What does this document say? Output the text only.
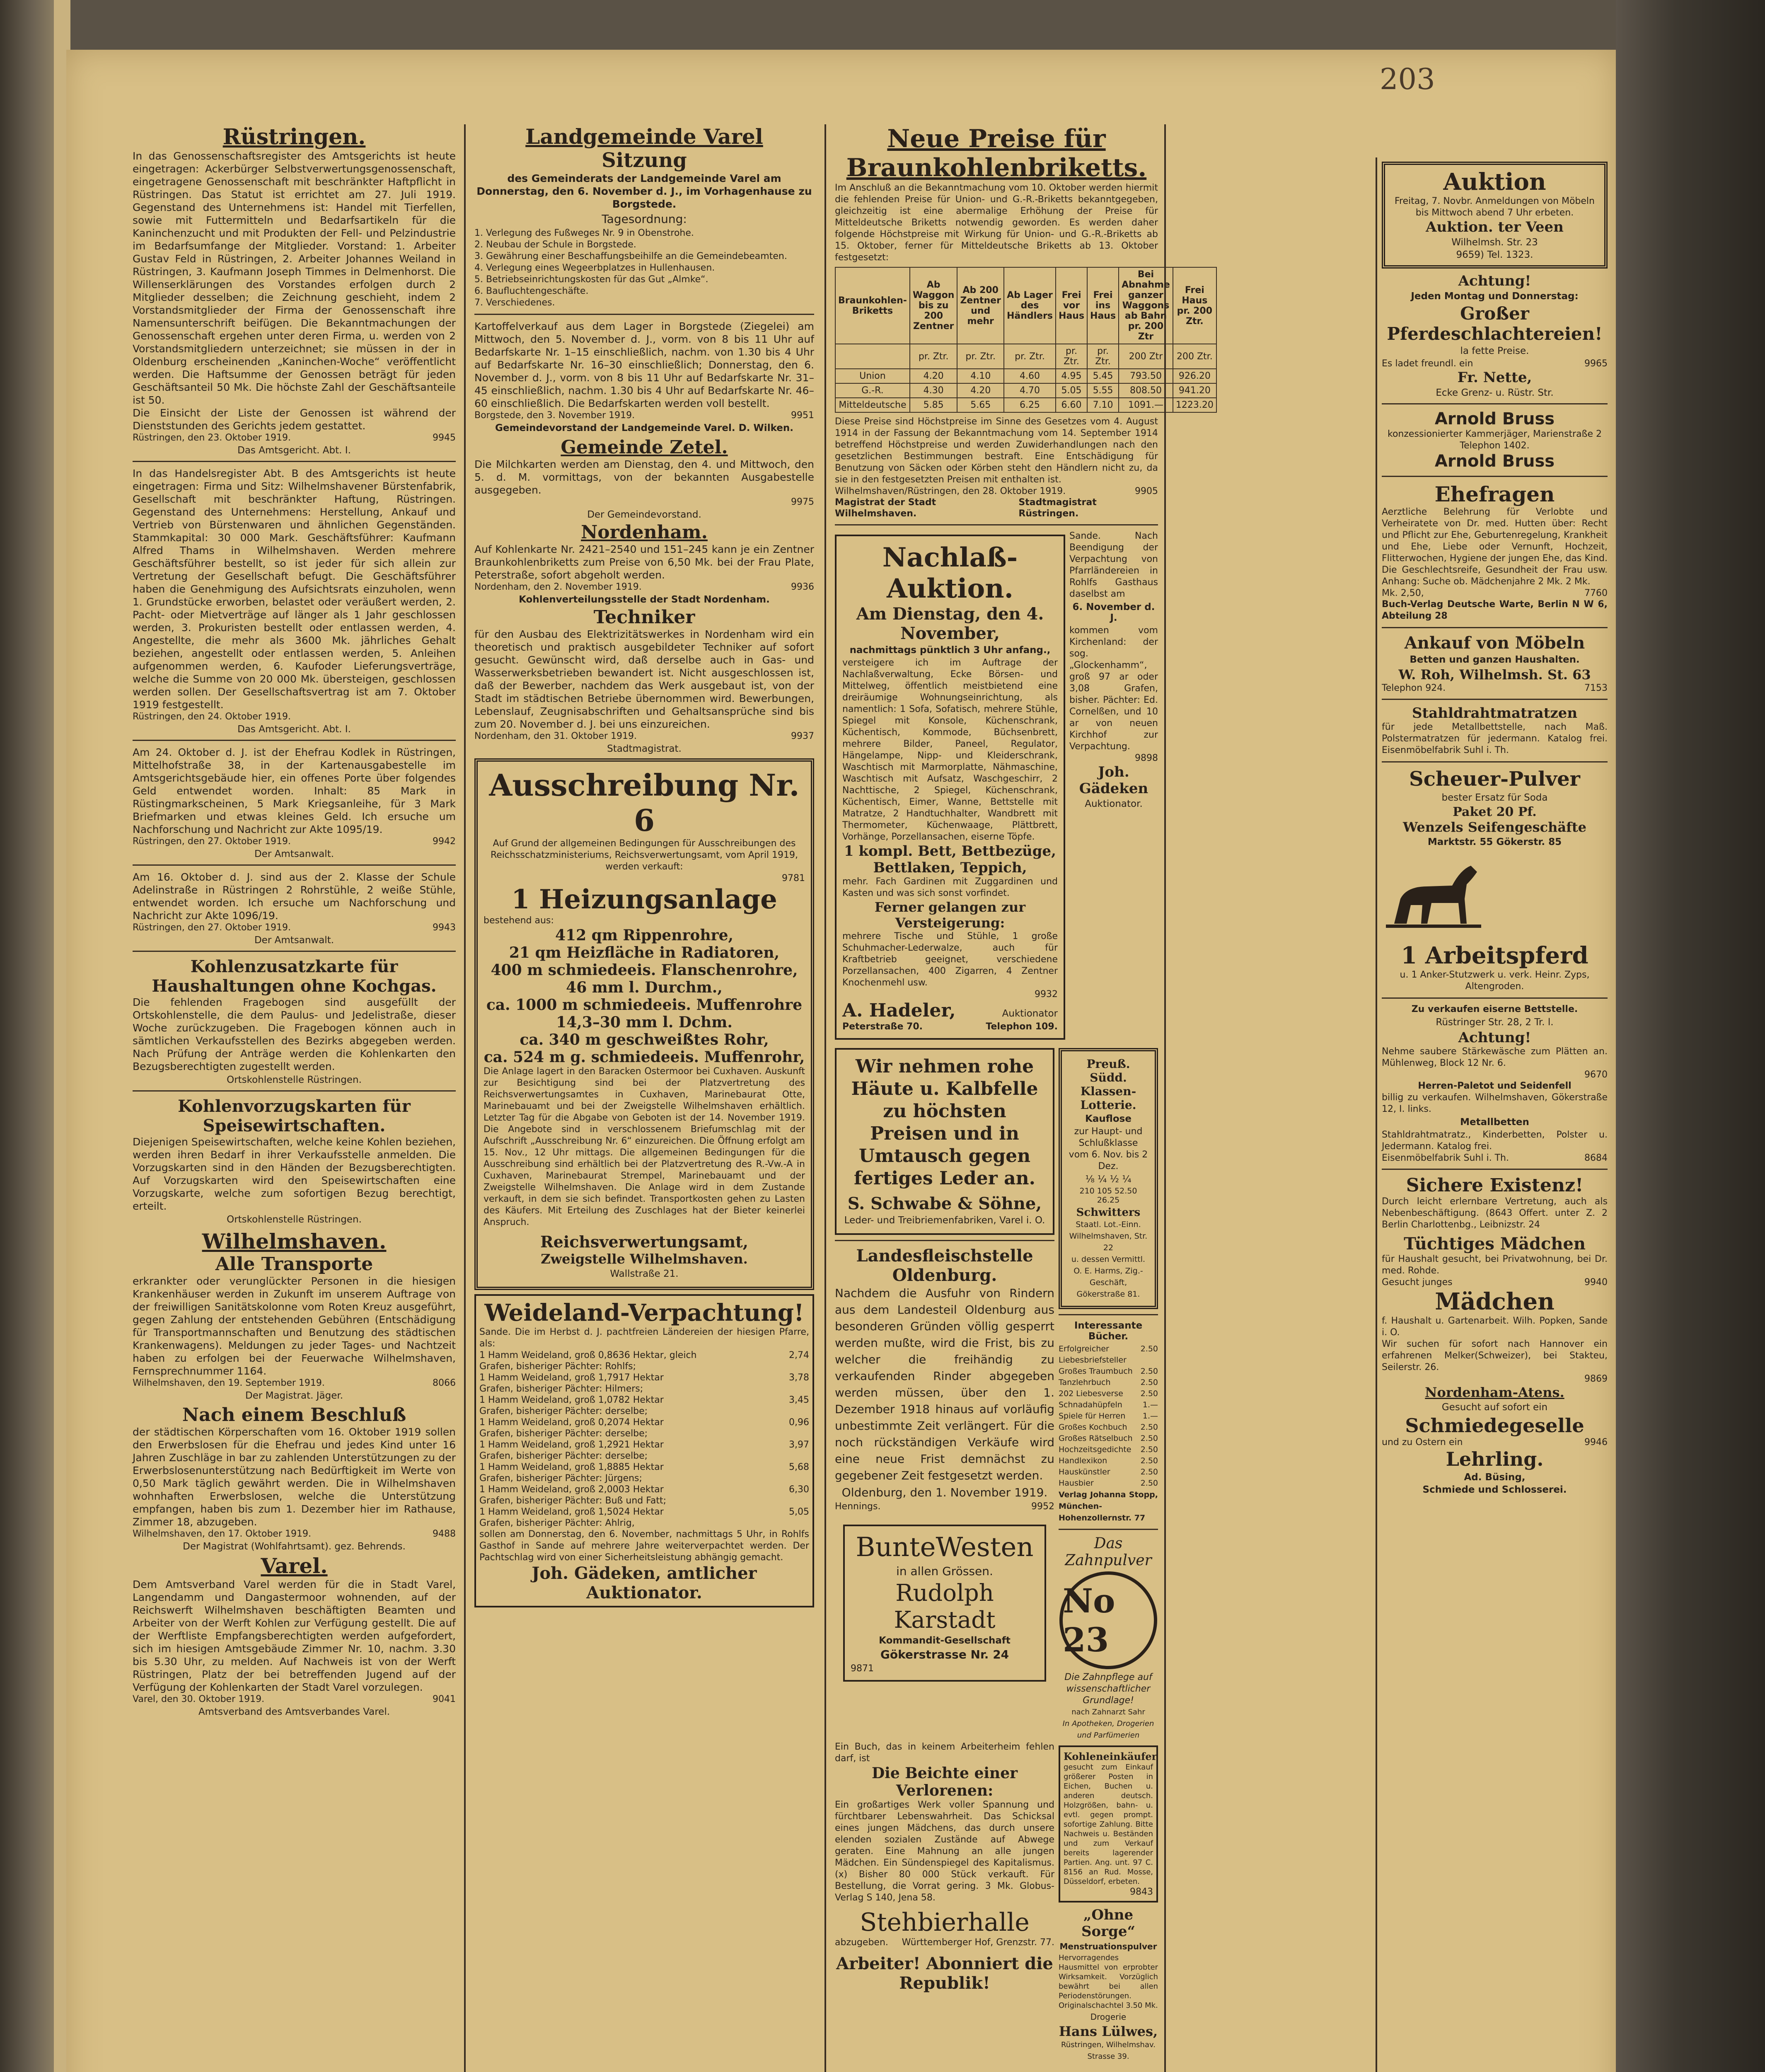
203
Rüstringen.
In das Genossenschaftsregister des Amtsgerichts ist heute eingetragen: Ackerbürger Selbstverwertungsgenossenschaft, eingetragene Genossenschaft mit beschränkter Haftpflicht in Rüstringen. Das Statut ist errichtet am 27. Juli 1919. Gegenstand des Unternehmens ist: Handel mit Tierfellen, sowie mit Futtermitteln und Bedarfsartikeln für die Kaninchenzucht und mit Produkten der Fell- und Pelzindustrie im Bedarfsumfange der Mitglieder. Vorstand: 1. Arbeiter Gustav Feld in Rüstringen, 2. Arbeiter Johannes Weiland in Rüstringen, 3. Kaufmann Joseph Timmes in Delmenhorst. Die Willenserklärungen des Vorstandes erfolgen durch 2 Mitglieder desselben; die Zeichnung geschieht, indem 2 Vorstandsmitglieder der Firma der Genossenschaft ihre Namensunterschrift beifügen. Die Bekanntmachungen der Genossenschaft ergehen unter deren Firma, u. werden von 2 Vorstandsmitgliedern unterzeichnet; sie müssen in der in Oldenburg erscheinenden „Kaninchen-Woche“ veröffentlicht werden. Die Haftsumme der Genossen beträgt für jeden Geschäftsanteil 50 Mk. Die höchste Zahl der Geschäftsanteile ist 50.
Die Einsicht der Liste der Genossen ist während der Dienststunden des Gerichts jedem gestattet.
Rüstringen, den 23. Oktober 1919.	9945
Das Amtsgericht. Abt. I.
In das Handelsregister Abt. B des Amtsgerichts ist heute eingetragen: Firma und Sitz: Wilhelmshavener Bürstenfabrik, Gesellschaft mit beschränkter Haftung, Rüstringen. Gegenstand des Unternehmens: Herstellung, Ankauf und Vertrieb von Bürstenwaren und ähnlichen Gegenständen. Stammkapital: 30 000 Mark. Geschäftsführer: Kaufmann Alfred Thams in Wilhelmshaven. Werden mehrere Geschäftsführer bestellt, so ist jeder für sich allein zur Vertretung der Gesellschaft befugt. Die Geschäftsführer haben die Genehmigung des Aufsichtsrats einzuholen, wenn 1. Grundstücke erworben, belastet oder veräußert werden, 2. Pacht- oder Mietverträge auf länger als 1 Jahr geschlossen werden, 3. Prokuristen bestellt oder entlassen werden, 4. Angestellte, die mehr als 3600 Mk. jährliches Gehalt beziehen, angestellt oder entlassen werden, 5. Anleihen aufgenommen werden, 6. Kaufoder Lieferungsverträge, welche die Summe von 20 000 Mk. übersteigen, geschlossen werden sollen. Der Gesellschaftsvertrag ist am 7. Oktober 1919 festgestellt.
Rüstringen, den 24. Oktober 1919.
Das Amtsgericht. Abt. I.
Am 24. Oktober d. J. ist der Ehefrau Kodlek in Rüstringen, Mittelhofstraße 38, in der Kartenausgabestelle im Amtsgerichtsgebäude hier, ein offenes Porte über folgendes Geld entwendet worden. Inhalt: 85 Mark in Rüstingmarkscheinen, 5 Mark Kriegsanleihe, für 3 Mark Briefmarken und etwas kleines Geld. Ich ersuche um Nachforschung und Nachricht zur Akte 1095/19.
Rüstringen, den 27. Oktober 1919.	9942
Der Amtsanwalt.
Am 16. Oktober d. J. sind aus der 2. Klasse der Schule Adelinstraße in Rüstringen 2 Rohrstühle, 2 weiße Stühle, entwendet worden. Ich ersuche um Nachforschung und Nachricht zur Akte 1096/19.
Rüstringen, den 27. Oktober 1919.	9943
Der Amtsanwalt.
Kohlenzusatzkarte für Haushaltungen ohne Kochgas.
Die fehlenden Fragebogen sind ausgefüllt der Ortskohlenstelle, die dem Paulus- und Jedelistraße, dieser Woche zurückzugeben. Die Fragebogen können auch in sämtlichen Verkaufsstellen des Bezirks abgegeben werden. Nach Prüfung der Anträge werden die Kohlenkarten den Bezugsberechtigten zugestellt werden.
Ortskohlenstelle Rüstringen.
Kohlenvorzugskarten für Speisewirtschaften.
Diejenigen Speisewirtschaften, welche keine Kohlen beziehen, werden ihren Bedarf in ihrer Verkaufsstelle anmelden. Die Vorzugskarten sind in den Händen der Bezugsberechtigten. Auf Vorzugskarten wird den Speisewirtschaften eine Vorzugskarte, welche zum sofortigen Bezug berechtigt, erteilt.
Ortskohlenstelle Rüstringen.
Wilhelmshaven.
Alle Transporte
erkrankter oder verunglückter Personen in die hiesigen Krankenhäuser werden in Zukunft im unserem Auftrage von der freiwilligen Sanitätskolonne vom Roten Kreuz ausgeführt, gegen Zahlung der entstehenden Gebühren (Entschädigung für Transportmannschaften und Benutzung des städtischen Krankenwagens). Meldungen zu jeder Tages- und Nachtzeit haben zu erfolgen bei der Feuerwache Wilhelmshaven, Fernsprechnummer 1164.
Wilhelmshaven, den 19. September 1919.	8066
Der Magistrat. Jäger.
Nach einem Beschluß
der städtischen Körperschaften vom 16. Oktober 1919 sollen den Erwerbslosen für die Ehefrau und jedes Kind unter 16 Jahren Zuschläge in bar zu zahlenden Unterstützungen zu der Erwerbslosenunterstützung nach Bedürftigkeit im Werte von 0,50 Mark täglich gewährt werden. Die in Wilhelmshaven wohnhaften Erwerbslosen, welche die Unterstützung empfangen, haben bis zum 1. Dezember hier im Rathause, Zimmer 18, abzugeben.
Wilhelmshaven, den 17. Oktober 1919.	9488
Der Magistrat (Wohlfahrtsamt). gez. Behrends.
Varel.
Dem Amtsverband Varel werden für die in Stadt Varel, Langendamm und Dangastermoor wohnenden, auf der Reichswerft Wilhelmshaven beschäftigten Beamten und Arbeiter von der Werft Kohlen zur Verfügung gestellt. Die auf der Werftliste Empfangsberechtigten werden aufgefordert, sich im hiesigen Amtsgebäude Zimmer Nr. 10, nachm. 3.30 bis 5.30 Uhr, zu melden. Auf Nachweis ist von der Werft Rüstringen, Platz der bei betreffenden Jugend auf der Verfügung der Kohlenkarten der Stadt Varel vorzulegen.
Varel, den 30. Oktober 1919.	9041
Amtsverband des Amtsverbandes Varel.
Landgemeinde Varel
Sitzung
des Gemeinderats der Landgemeinde Varel am Donnerstag, den 6. November d. J., im Vorhagenhause zu Borgstede.
Tagesordnung:
1. Verlegung des Fußweges Nr. 9 in Obenstrohe.
2. Neubau der Schule in Borgstede.
3. Gewährung einer Beschaffungsbeihilfe an die Gemeindebeamten.
4. Verlegung eines Wegeerbplatzes in Hullenhausen.
5. Betriebseinrichtungskosten für das Gut „Almke“.
6. Baufluchtengeschäfte.
7. Verschiedenes.
Kartoffelverkauf aus dem Lager in Borgstede (Ziegelei) am Mittwoch, den 5. November d. J., vorm. von 8 bis 11 Uhr auf Bedarfskarte Nr. 1–15 einschließlich, nachm. von 1.30 bis 4 Uhr auf Bedarfskarte Nr. 16–30 einschließlich; Donnerstag, den 6. November d. J., vorm. von 8 bis 11 Uhr auf Bedarfskarte Nr. 31–45 einschließlich, nachm. 1.30 bis 4 Uhr auf Bedarfskarte Nr. 46–60 einschließlich. Die Bedarfskarten werden voll bestellt.
Borgstede, den 3. November 1919.	9951
Gemeindevorstand der Landgemeinde Varel. D. Wilken.
Gemeinde Zetel.
Die Milchkarten werden am Dienstag, den 4. und Mittwoch, den 5. d. M. vormittags, von der bekannten Ausgabestelle ausgegeben.
9975
Der Gemeindevorstand.
Nordenham.
Auf Kohlenkarte Nr. 2421–2540 und 151–245 kann je ein Zentner Braunkohlenbriketts zum Preise von 6,50 Mk. bei der Frau Plate, Peterstraße, sofort abgeholt werden.
Nordenham, den 2. November 1919.	9936
Kohlenverteilungsstelle der Stadt Nordenham.
Techniker
für den Ausbau des Elektrizitätswerkes in Nordenham wird ein theoretisch und praktisch ausgebildeter Techniker auf sofort gesucht. Gewünscht wird, daß derselbe auch in Gas- und Wasserwerksbetrieben bewandert ist. Nicht ausgeschlossen ist, daß der Bewerber, nachdem das Werk ausgebaut ist, von der Stadt im städtischen Betriebe übernommen wird. Bewerbungen, Lebenslauf, Zeugnisabschriften und Gehaltsansprüche sind bis zum 20. November d. J. bei uns einzureichen.
Nordenham, den 31. Oktober 1919.	9937
Stadtmagistrat.
Ausschreibung Nr. 6
Auf Grund der allgemeinen Bedingungen für Ausschreibungen des Reichsschatzministeriums, Reichsverwertungsamt, vom April 1919, werden verkauft:
9781
1 Heizungsanlage
bestehend aus:
412 qm Rippenrohre,
21 qm Heizfläche in Radiatoren,
400 m schmiedeeis. Flanschenrohre, 46 mm l. Durchm.,
ca. 1000 m schmiedeeis. Muffenrohre 14,3–30 mm l. Dchm.
ca. 340 m geschweißtes Rohr,
ca. 524 m g. schmiedeeis. Muffenrohr,
Die Anlage lagert in den Baracken Ostermoor bei Cuxhaven. Auskunft zur Besichtigung sind bei der Platzvertretung des Reichsverwertungsamtes in Cuxhaven, Marinebaurat Otte, Marinebauamt und bei der Zweigstelle Wilhelmshaven erhältlich. Letzter Tag für die Abgabe von Geboten ist der 14. November 1919. Die Angebote sind in verschlossenem Briefumschlag mit der Aufschrift „Ausschreibung Nr. 6“ einzureichen. Die Öffnung erfolgt am 15. Nov., 12 Uhr mittags. Die allgemeinen Bedingungen für die Ausschreibung sind erhältlich bei der Platzvertretung des R.-Vw.-A in Cuxhaven, Marinebaurat Strempel, Marinebauamt und der Zweigstelle Wilhelmshaven. Die Anlage wird in dem Zustande verkauft, in dem sie sich befindet. Transportkosten gehen zu Lasten des Käufers. Mit Erteilung des Zuschlages hat der Bieter keinerlei Anspruch.
Reichsverwertungsamt,
Zweigstelle Wilhelmshaven.
Wallstraße 21.
Weideland-Verpachtung!
Sande. Die im Herbst d. J. pachtfreien Ländereien der hiesigen Pfarre, als:
1 Hamm Weideland, groß 0,8636 Hektar, gleich	2,74
Grafen, bisheriger Pächter: Rohlfs;
1 Hamm Weideland, groß 1,7917 Hektar	3,78
Grafen, bisheriger Pächter: Hilmers;
1 Hamm Weideland, groß 1,0782 Hektar	3,45
Grafen, bisheriger Pächter: derselbe;
1 Hamm Weideland, groß 0,2074 Hektar	0,96
Grafen, bisheriger Pächter: derselbe;
1 Hamm Weideland, groß 1,2921 Hektar	3,97
Grafen, bisheriger Pächter: derselbe;
1 Hamm Weideland, groß 1,8885 Hektar	5,68
Grafen, bisheriger Pächter: Jürgens;
1 Hamm Weideland, groß 2,0003 Hektar	6,30
Grafen, bisheriger Pächter: Buß und Fatt;
1 Hamm Weideland, groß 1,5024 Hektar	5,05
Grafen, bisheriger Pächter: Ahlrig,
sollen am Donnerstag, den 6. November, nachmittags 5 Uhr, in Rohlfs Gasthof in Sande auf mehrere Jahre weiterverpachtet werden. Der Pachtschlag wird von einer Sicherheitsleistung abhängig gemacht.
Joh. Gädeken, amtlicher Auktionator.
Neue Preise für Braunkohlenbriketts.
Im Anschluß an die Bekanntmachung vom 10. Oktober werden hiermit die fehlenden Preise für Union- und G.-R.-Briketts bekanntgegeben, gleichzeitig ist eine abermalige Erhöhung der Preise für Mitteldeutsche Briketts notwendig geworden. Es werden daher folgende Höchstpreise mit Wirkung für Union- und G.-R.-Briketts ab 15. Oktober, ferner für Mitteldeutsche Briketts ab 13. Oktober festgesetzt:
Braunkohlen-Briketts	Ab Waggon bis zu 200 Zentner	Ab 200 Zentner und mehr	Ab Lager des Händlers	Frei vor Haus	Frei ins Haus	Bei Abnahme ganzer Waggons ab Bahn pr. 200 Ztr	Frei Haus pr. 200 Ztr.
	pr. Ztr.	pr. Ztr.	pr. Ztr.	pr. Ztr.	pr. Ztr.	200 Ztr	200 Ztr.
Union	4.20	4.10	4.60	4.95	5.45	793.50	926.20
G.-R.	4.30	4.20	4.70	5.05	5.55	808.50	941.20
Mitteldeutsche	5.85	5.65	6.25	6.60	7.10	1091.—	1223.20
Diese Preise sind Höchstpreise im Sinne des Gesetzes vom 4. August 1914 in der Fassung der Bekanntmachung vom 14. September 1914 betreffend Höchstpreise und werden Zuwiderhandlungen nach den gesetzlichen Bestimmungen bestraft. Eine Entschädigung für Benutzung von Säcken oder Körben steht den Händlern nicht zu, da sie in den festgesetzten Preisen mit enthalten ist.
Wilhelmshaven/Rüstringen, den 28. Oktober 1919.	9905
Magistrat der Stadt Wilhelmshaven.
Stadtmagistrat Rüstringen.
Nachlaß-Auktion.
Am Dienstag, den 4. November,
nachmittags pünktlich 3 Uhr anfang.,
versteigere ich im Auftrage der Nachlaßverwaltung, Ecke Börsen- und Mittelweg, öffentlich meistbietend eine dreiräumige Wohnungseinrichtung, als namentlich: 1 Sofa, Sofatisch, mehrere Stühle, Spiegel mit Konsole, Küchenschrank, Küchentisch, Kommode, Büchsenbrett, mehrere Bilder, Paneel, Regulator, Hängelampe, Nipp- und Kleiderschrank, Waschtisch mit Marmorplatte, Nähmaschine, Waschtisch mit Aufsatz, Waschgeschirr, 2 Nachttische, 2 Spiegel, Küchenschrank, Küchentisch, Eimer, Wanne, Bettstelle mit Matratze, 2 Handtuchhalter, Wandbrett mit Thermometer, Küchenwaage, Plättbrett, Vorhänge, Porzellansachen, eiserne Töpfe.
1 kompl. Bett, Bettbezüge, Bettlaken, Teppich,
mehr. Fach Gardinen mit Zuggardinen und Kasten und was sich sonst vorfindet.
Ferner gelangen zur Versteigerung:
mehrere Tische und Stühle, 1 große Schuhmacher-Lederwalze, auch für Kraftbetrieb geeignet, verschiedene Porzellansachen, 400 Zigarren, 4 Zentner Knochenmehl usw.
9932
A. Hadeler,	Auktionator
Peterstraße 70.	Telephon 109.
Sande. Nach Beendigung der Verpachtung von Pfarrländereien in Rohlfs Gasthaus daselbst am
6. November d. J.
kommen vom Kirchenland: der sog. „Glockenhamm“, groß 97 ar oder 3,08 Grafen, bisher. Pächter: Ed. Cornelßen, und 10 ar von neuen Kirchhof zur Verpachtung.
9898
Joh. Gädeken
Auktionator.
Wir nehmen rohe Häute u. Kalbfelle zu höchsten Preisen und in Umtausch gegen fertiges Leder an.
S. Schwabe & Söhne,
Leder- und Treibriemenfabriken, Varel i. O.
Landesfleischstelle Oldenburg.
Nachdem die Ausfuhr von Rindern aus dem Landesteil Oldenburg aus besonderen Gründen völlig gesperrt werden mußte, wird die Frist, bis zu welcher die freihändig zu verkaufenden Rinder abgegeben werden müssen, über den 1. Dezember 1918 hinaus auf vorläufig unbestimmte Zeit verlängert. Für die noch rückständigen Verkäufe wird eine neue Frist demnächst zu gegebener Zeit festgesetzt werden.
Oldenburg, den 1. November 1919.
Hennings.	9952
BunteWesten
in allen Grössen.
Rudolph Karstadt
Kommandit-Gesellschaft
Gökerstrasse Nr. 24
9871
Preuß. Südd.
Klassen-Lotterie.
Kauflose
zur Haupt- und Schlußklasse vom 6. Nov. bis 2 Dez.
⅛ ¼ ½ ¼
210 105 52.50 26.25
Schwitters
Staatl. Lot.-Einn. Wilhelmshaven, Str. 22
u. dessen Vermittl.
O. E. Harms, Zig.-Geschäft, Gökerstraße 81.
Interessante Bücher.
Erfolgreicher Liebesbriefsteller
2.50
Großes Traumbuch 2.50
Tanzlehrbuch	2.50
202 Liebesverse 2.50
Schnadahüpfeln	1.—
Spiele für Herren 1.—
Großes Kochbuch 2.50
Großes Rätselbuch 2.50
Hochzeitsgedichte 2.50
Handlexikon	2.50
Hauskünstler	2.50
Hausbier	2.50
Verlag Johanna Stopp, München-Hohenzollernstr. 77
Das Zahnpulver
No 23
Die Zahnpflege auf wissenschaftlicher Grundlage!
nach Zahnarzt Sahr
In Apotheken, Drogerien und Parfümerien
Ein Buch, das in keinem Arbeiterheim fehlen darf, ist
Die Beichte einer Verlorenen:
Ein großartiges Werk voller Spannung und fürchtbarer Lebenswahrheit. Das Schicksal eines jungen Mädchens, das durch unsere elenden sozialen Zustände auf Abwege geraten. Eine Mahnung an alle jungen Mädchen. Ein Sündenspiegel des Kapitalismus. (x) Bisher 80 000 Stück verkauft. Für Bestellung, die Vorrat gering. 3 Mk. Globus-Verlag S 140, Jena 58.
Stehbierhalle
abzugeben. Württemberger Hof, Grenzstr. 77.
Arbeiter! Abonniert die Republik!
Kohleneinkäufer
gesucht zum Einkauf größerer Posten in Eichen, Buchen u. anderen deutsch. Holzgrößen, bahn- u. evtl. gegen prompt. sofortige Zahlung. Bitte Nachweis u. Beständen und zum Verkauf bereits lagerender Partien. Ang. unt. 97 C. 8156 an Rud. Mosse, Düsseldorf, erbeten.
9843
„Ohne Sorge“
Menstruationspulver
Hervorragendes Hausmittel von erprobter Wirksamkeit. Vorzüglich bewährt bei allen Periodenstörungen. Originalschachtel 3.50 Mk.
Drogerie
Hans Lülwes,
Rüstringen, Wilhelmshav. Strasse 39.
Auktion
Freitag, 7. Novbr. Anmeldungen von Möbeln bis Mittwoch abend 7 Uhr erbeten.
Auktion. ter Veen
Wilhelmsh. Str. 23
9659) Tel. 1323.
Achtung!
Jeden Montag und Donnerstag:
Großer Pferdeschlachtereien!
la fette Preise.
Es ladet freundl. ein	9965
Fr. Nette,
Ecke Grenz- u. Rüstr. Str.
Arnold Bruss
konzessionierter Kammerjäger, Marienstraße 2 Telephon 1402.
Arnold Bruss
Ehefragen
Aerztliche Belehrung für Verlobte und Verheiratete von Dr. med. Hutten über: Recht und Pflicht zur Ehe, Geburtenregelung, Krankheit und Ehe, Liebe oder Vernunft, Hochzeit, Flitterwochen, Hygiene der jungen Ehe, das Kind. Die Geschlechtsreife, Gesundheit der Frau usw. Anhang: Suche ob. Mädchenjahre 2 Mk. 2 Mk.
Mk. 2,50,	7760
Buch-Verlag Deutsche Warte, Berlin N W 6, Abteilung 28
Ankauf von Möbeln
Betten und ganzen Haushalten.
W. Roh, Wilhelmsh. St. 63
Telephon 924.	7153
Stahldrahtmatratzen
für jede Metallbettstelle, nach Maß. Polstermatratzen für jedermann. Katalog frei. Eisenmöbelfabrik Suhl i. Th.
Scheuer-Pulver
bester Ersatz für Soda
Paket 20 Pf.
Wenzels Seifengeschäfte
Marktstr. 55 Gökerstr. 85
1 Arbeitspferd
u. 1 Anker-Stutzwerk u. verk. Heinr. Zyps, Altengroden.
Zu verkaufen eiserne Bettstelle.
Rüstringer Str. 28, 2 Tr. l.
Achtung!
Nehme saubere Stärkewäsche zum Plätten an. Mühlenweg, Block 12 Nr. 6.
9670
Herren-Paletot und Seidenfell
billig zu verkaufen. Wilhelmshaven, Gökerstraße 12, I. links.
Metallbetten
Stahldrahtmatratz., Kinderbetten, Polster u. Jedermann. Katalog frei.
Eisenmöbelfabrik Suhl i. Th.	8684
Sichere Existenz!
Durch leicht erlernbare Vertretung, auch als Nebenbeschäftigung. (8643 Offert. unter Z. 2 Berlin Charlottenbg., Leibnizstr. 24
Tüchtiges Mädchen
für Haushalt gesucht, bei Privatwohnung, bei Dr. med. Rohde.
Gesucht junges	9940
Mädchen
f. Haushalt u. Gartenarbeit. Wilh. Popken, Sande i. O.
Wir suchen für sofort nach Hannover ein erfahrenen Melker(Schweizer), bei Stakteu, Seilerstr. 26.
9869
Nordenham-Atens.
Gesucht auf sofort ein
Schmiedegeselle
und zu Ostern ein	9946
Lehrling.
Ad. Büsing,
Schmiede und Schlosserei.
